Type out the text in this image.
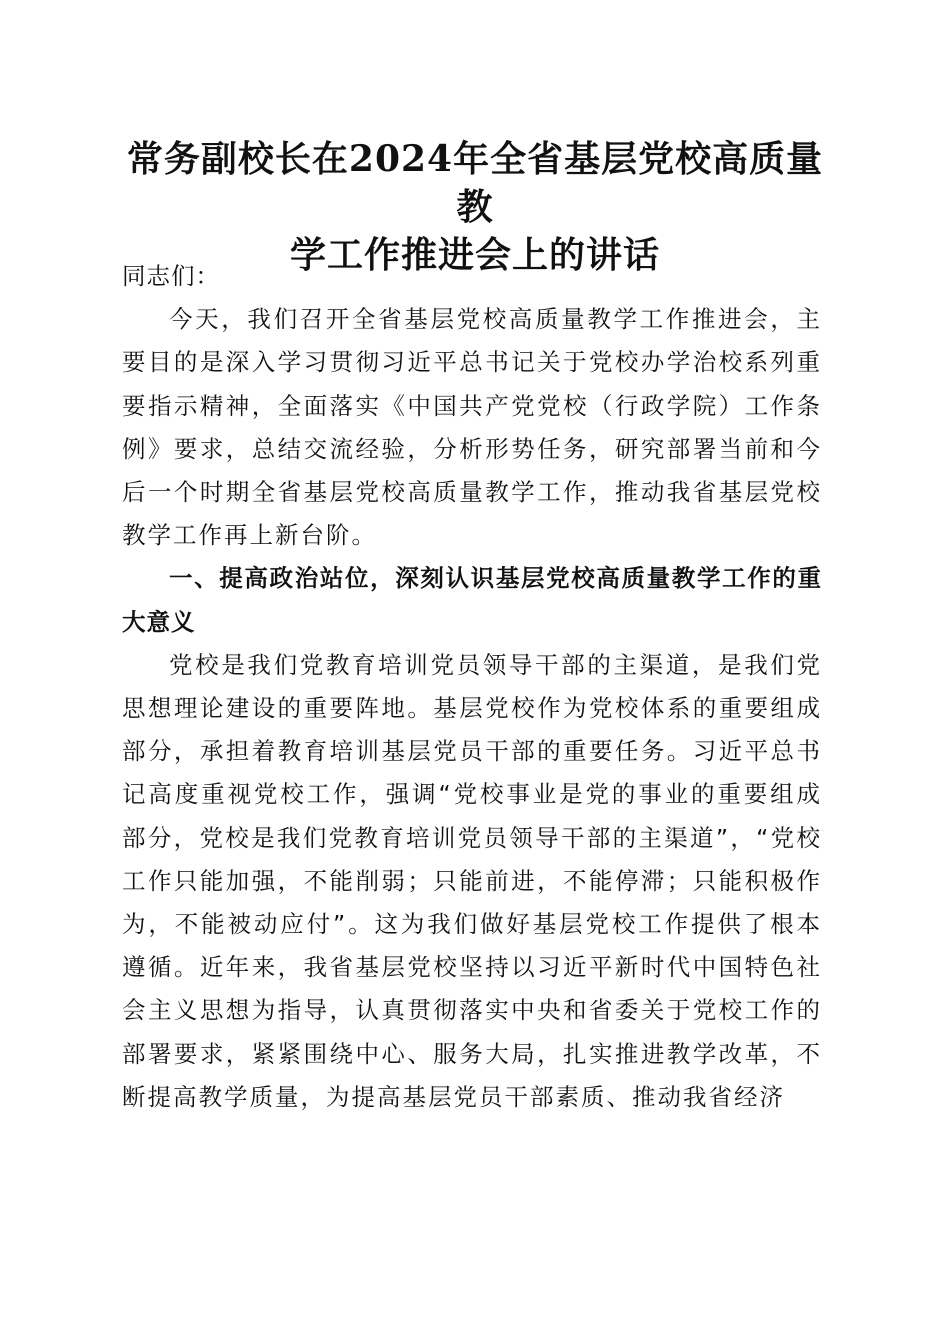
常务副校长在2024年全省基层党校高质量教
学工作推进会上的讲话

同志们：

今天，我们召开全省基层党校高质量教学工作推进会，主要目的是深入学习贯彻习近平总书记关于党校办学治校系列重要指示精神，全面落实《中国共产党党校（行政学院）工作条例》要求，总结交流经验，分析形势任务，研究部署当前和今后一个时期全省基层党校高质量教学工作，推动我省基层党校教学工作再上新台阶。

一、提高政治站位，深刻认识基层党校高质量教学工作的重大意义

党校是我们党教育培训党员领导干部的主渠道，是我们党思想理论建设的重要阵地。基层党校作为党校体系的重要组成部分，承担着教育培训基层党员干部的重要任务。习近平总书记高度重视党校工作，强调“党校事业是党的事业的重要组成部分，党校是我们党教育培训党员领导干部的主渠道”，“党校工作只能加强，不能削弱；只能前进，不能停滞；只能积极作为，不能被动应付”。这为我们做好基层党校工作提供了根本遵循。近年来，我省基层党校坚持以习近平新时代中国特色社会主义思想为指导，认真贯彻落实中央和省委关于党校工作的部署要求，紧紧围绕中心、服务大局，扎实推进教学改革，不断提高教学质量，为提高基层党员干部素质、推动我省经济
